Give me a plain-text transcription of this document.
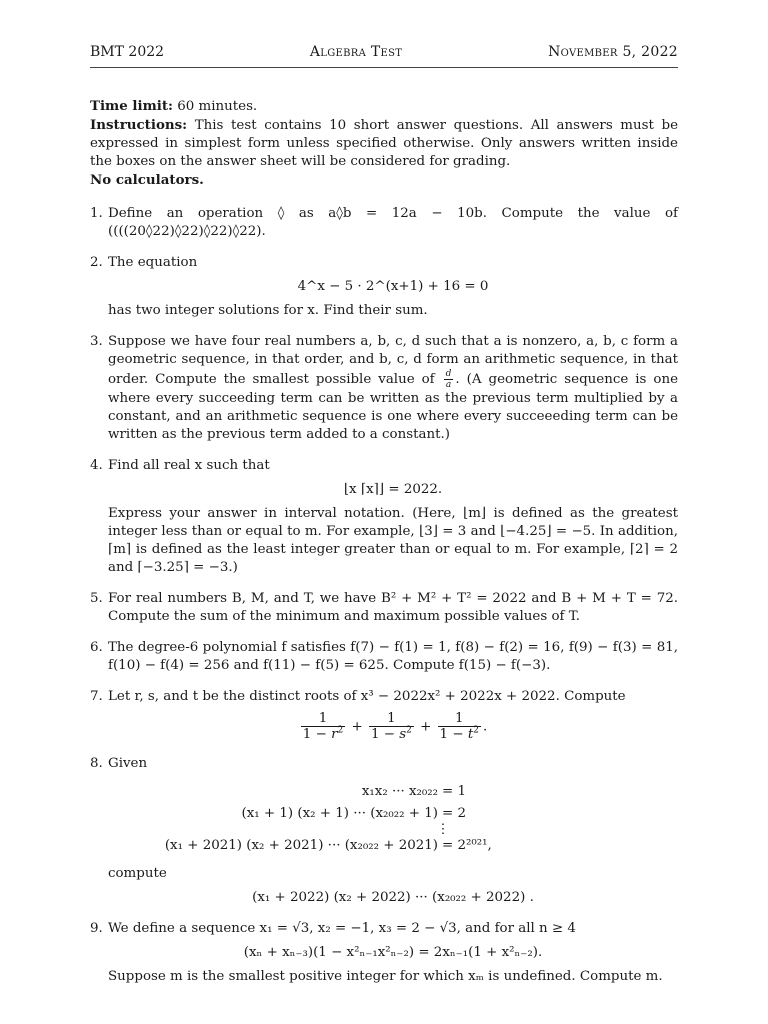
BMT 2022	Algebra Test	November 5, 2022

Time limit: 60 minutes.

Instructions: This test contains 10 short answer questions. All answers must be expressed in simplest form unless specified otherwise. Only answers written inside the boxes on the answer sheet will be considered for grading.

No calculators.

1. Define an operation ◊ as a◊b = 12a − 10b. Compute the value of ((((20◊22)◊22)◊22)◊22).
2. The equation
4^x − 5 · 2^(x+1) + 16 = 0
has two integer solutions for x. Find their sum.
3. Suppose we have four real numbers a, b, c, d such that a is nonzero, a, b, c form a geometric sequence, in that order, and b, c, d form an arithmetic sequence, in that order. Compute the smallest possible value of $\frac{d}{a}$ . (A geometric sequence is one where every succeeding term can be written as the previous term multiplied by a constant, and an arithmetic sequence is one where every succeeeding term can be written as the previous term added to a constant.)
4. Find all real x such that
⌊x ⌈x⌉⌋ = 2022.
Express your answer in interval notation. (Here, ⌊m⌋ is defined as the greatest integer less than or equal to m. For example, ⌊3⌋ = 3 and ⌊−4.25⌋ = −5. In addition, ⌈m⌉ is defined as the least integer greater than or equal to m. For example, ⌈2⌉ = 2 and ⌈−3.25⌉ = −3.)
5. For real numbers B, M, and T, we have B² + M² + T² = 2022 and B + M + T = 72. Compute the sum of the minimum and maximum possible values of T.
6. The degree-6 polynomial f satisfies f(7) − f(1) = 1, f(8) − f(2) = 16, f(9) − f(3) = 81, f(10) − f(4) = 256 and f(11) − f(5) = 625. Compute f(15) − f(−3).
7. Let r, s, and t be the distinct roots of x³ − 2022x² + 2022x + 2022. Compute
$\frac{1}{1 - r^2} + \frac{1}{1 - s^2} + \frac{1}{1 - t^2}$ .
8. Given
x₁x₂ ··· x₂₀₂₂ = 1
(x₁ + 1) (x₂ + 1) ··· (x₂₀₂₂ + 1) = 2
⋮
(x₁ + 2021) (x₂ + 2021) ··· (x₂₀₂₂ + 2021) = 2²⁰²¹,
compute
(x₁ + 2022) (x₂ + 2022) ··· (x₂₀₂₂ + 2022) .
9. We define a sequence x₁ = √3, x₂ = −1, x₃ = 2 − √3, and for all n ≥ 4
(xₙ + xₙ₋₃)(1 − x²ₙ₋₁x²ₙ₋₂) = 2xₙ₋₁(1 + x²ₙ₋₂).
Suppose m is the smallest positive integer for which xₘ is undefined. Compute m.
